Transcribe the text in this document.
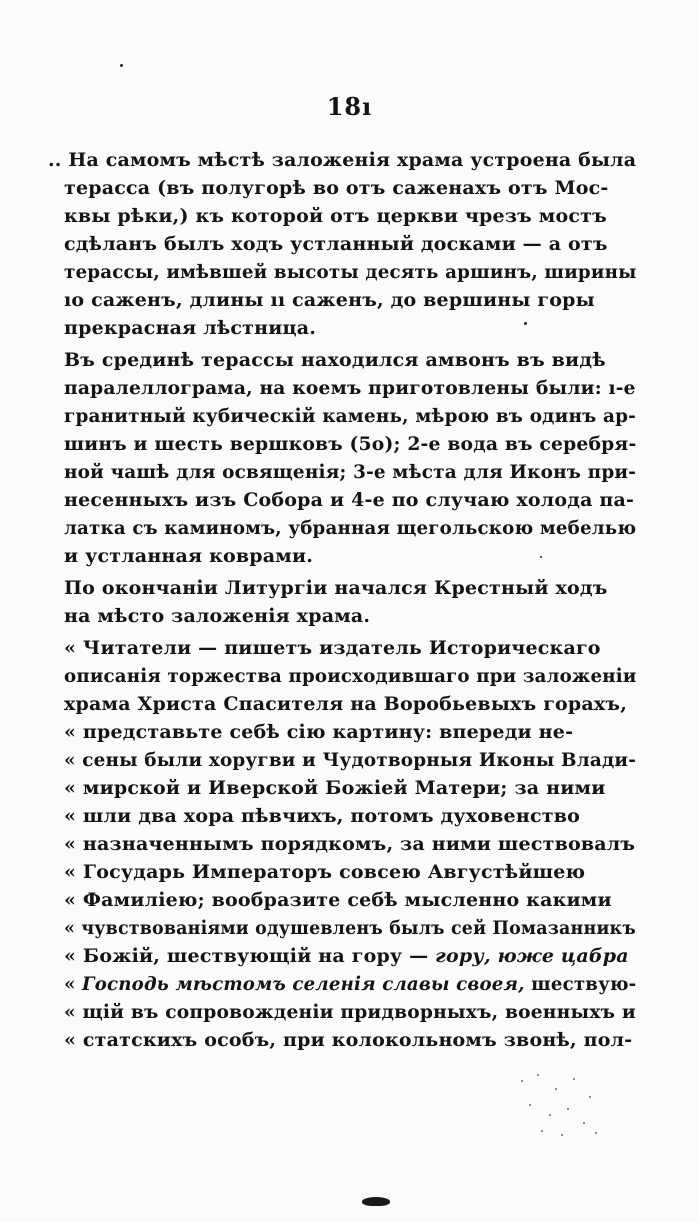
18ı
.. На самомъ мѣстѣ заложенія храма устроена была
терасса (въ полугорѣ во отъ саженахъ отъ Мос-
квы рѣки,) къ которой отъ церкви чрезъ мостъ
сдѣланъ былъ ходъ устланный досками — а отъ
терассы, имѣвшей высоты десять аршинъ, ширины
ıо саженъ, длины ıı саженъ, до вершины горы
прекрасная лѣстница.
Въ срединѣ терассы находился амвонъ въ видѣ
паралеллограма, на коемъ приготовлены были: ı-е
гранитный кубическій камень, мѣрою въ одинъ ар-
шинъ и шесть вершковъ (5о); 2-е вода въ серебря-
ной чашѣ для освященія; 3-е мѣста для Иконъ при-
несенныхъ изъ Собора и 4-е по случаю холода па-
латка съ каминомъ, убранная щегольскою мебелью
и устланная коврами.
По окончаніи Литургіи начался Крестный ходъ
на мѣсто заложенія храма.
« Читатели — пишетъ издатель Историческаго
описанія торжества происходившаго при заложеніи
храма Христа Спасителя на Воробьевыхъ горахъ,
« представьте себѣ сію картину: впереди не-
« сены были хоругви и Чудотворныя Иконы Влади-
« мирской и Иверской Божіей Матери; за ними
« шли два хора пѣвчихъ, потомъ духовенство
« назначеннымъ порядкомъ, за ними шествовалъ
« Государь Императоръ совсею Августѣйшею
« Фамиліею; вообразите себѣ мысленно какими
« чувствованіями одушевленъ былъ сей Помазанникъ
« Божій, шествующій на гору — гору, юже цабра
« Господь мѣстомъ селенія славы своея, шествую-
« щій въ сопровожденіи придворныхъ, военныхъ и
« статскихъ особъ, при колокольномъ звонѣ, пол-
